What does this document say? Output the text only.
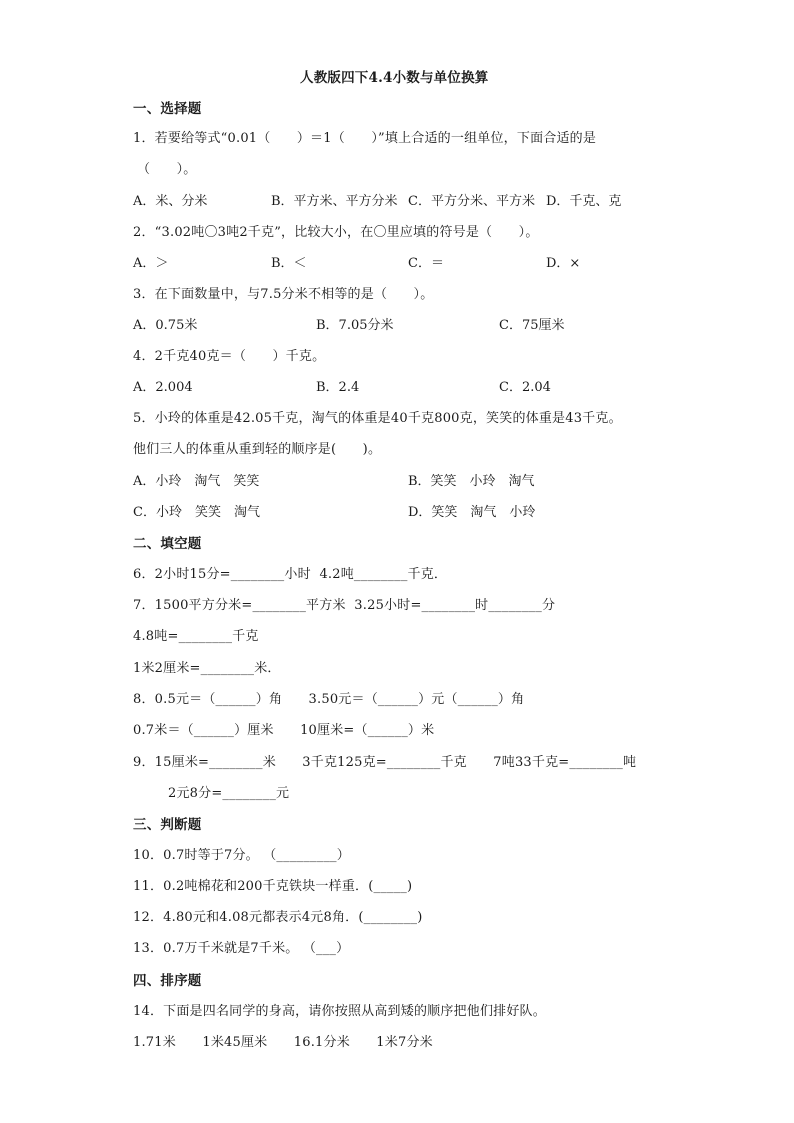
人教版四下4.4小数与单位换算
一、选择题
1．若要给等式“0.01（　　）＝1（　　）”填上合适的一组单位，下面合适的是
（　　）。
A．米、分米	B．平方米、平方分米 C．平方分米、平方米 D．千克、克
2．“3.02吨〇3吨2千克”，比较大小，在〇里应填的符号是（　　）。
A．＞	B．＜	C．＝	D．×
3．在下面数量中，与7.5分米不相等的是（　　）。
A．0.75米	B．7.05分米	C．75厘米
4．2千克40克＝（　　）千克。
A．2.004	B．2.4	C．2.04
5．小玲的体重是42.05千克，淘气的体重是40千克800克，笑笑的体重是43千克。
他们三人的体重从重到轻的顺序是(　　)。
A．小玲　淘气　笑笑	B．笑笑　小玲　淘气
C．小玲　笑笑　淘气	D．笑笑　淘气　小玲
二、填空题
6．2小时15分=________小时  4.2吨________千克．
7．1500平方分米=________平方米  3.25小时=________时________分
4.8吨=________千克
1米2厘米=________米．
8．0.5元＝（______）角　　3.50元＝（______）元（______）角
0.7米＝（______）厘米　　10厘米=（______）米
9．15厘米=________米　　3千克125克=________千克　　7吨33千克=________吨
2元8分=________元
三、判断题
10．0.7时等于7分。 （_________）
11．0.2吨棉花和200千克铁块一样重．(_____)
12．4.80元和4.08元都表示4元8角．(________)
13．0.7万千米就是7千米。 （___）
四、排序题
14．下面是四名同学的身高，请你按照从高到矮的顺序把他们排好队。
1.71米　　1米45厘米　　16.1分米　　1米7分米
